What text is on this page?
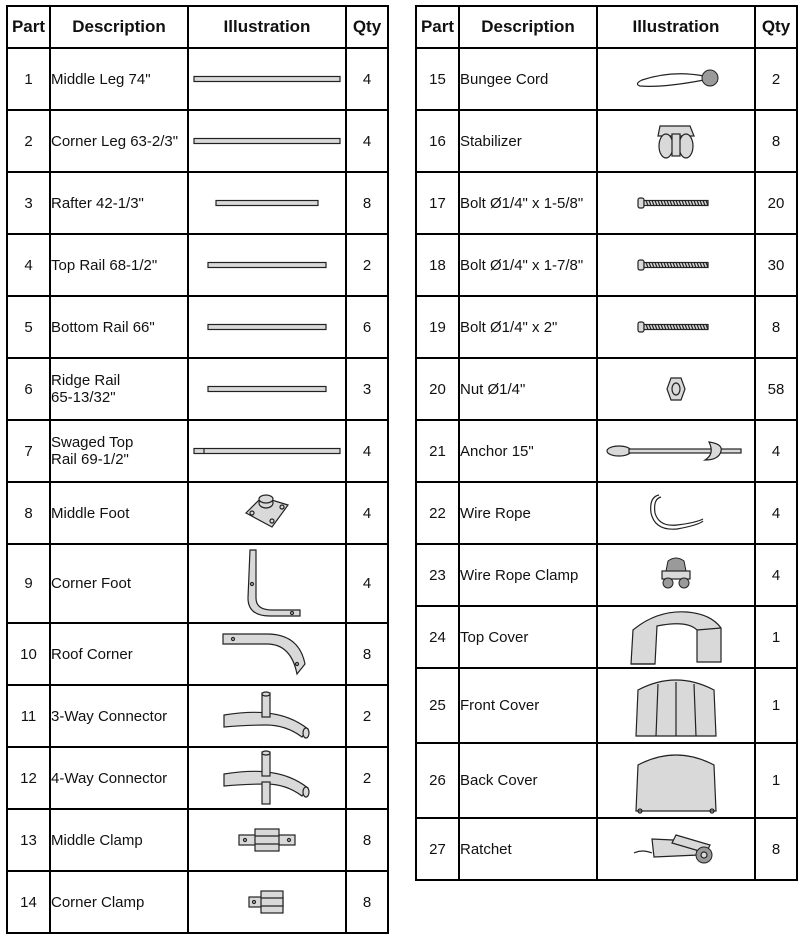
Part	Description	Illustration	Qty
1	Middle Leg 74"		4
2	Corner Leg 63-2/3"		4
3	Rafter 42-1/3"		8
4	Top Rail 68-1/2"		2
5	Bottom Rail 66"		6
6	Ridge Rail
65-13/32"		3
7	Swaged Top
Rail 69-1/2"		4
8	Middle Foot		4
9	Corner Foot		4
10	Roof Corner		8
11	3-Way Connector		2
12	4-Way Connector		2
13	Middle Clamp		8
14	Corner Clamp		8
Part	Description	Illustration	Qty
15	Bungee Cord		2
16	Stabilizer		8
17	Bolt Ø1/4" x 1-5/8"		20
18	Bolt Ø1/4" x 1-7/8"		30
19	Bolt Ø1/4" x 2"		8
20	Nut Ø1/4"		58
21	Anchor 15"		4
22	Wire Rope		4
23	Wire Rope Clamp		4
24	Top Cover		1
25	Front Cover		1
26	Back Cover		1
27	Ratchet		8
